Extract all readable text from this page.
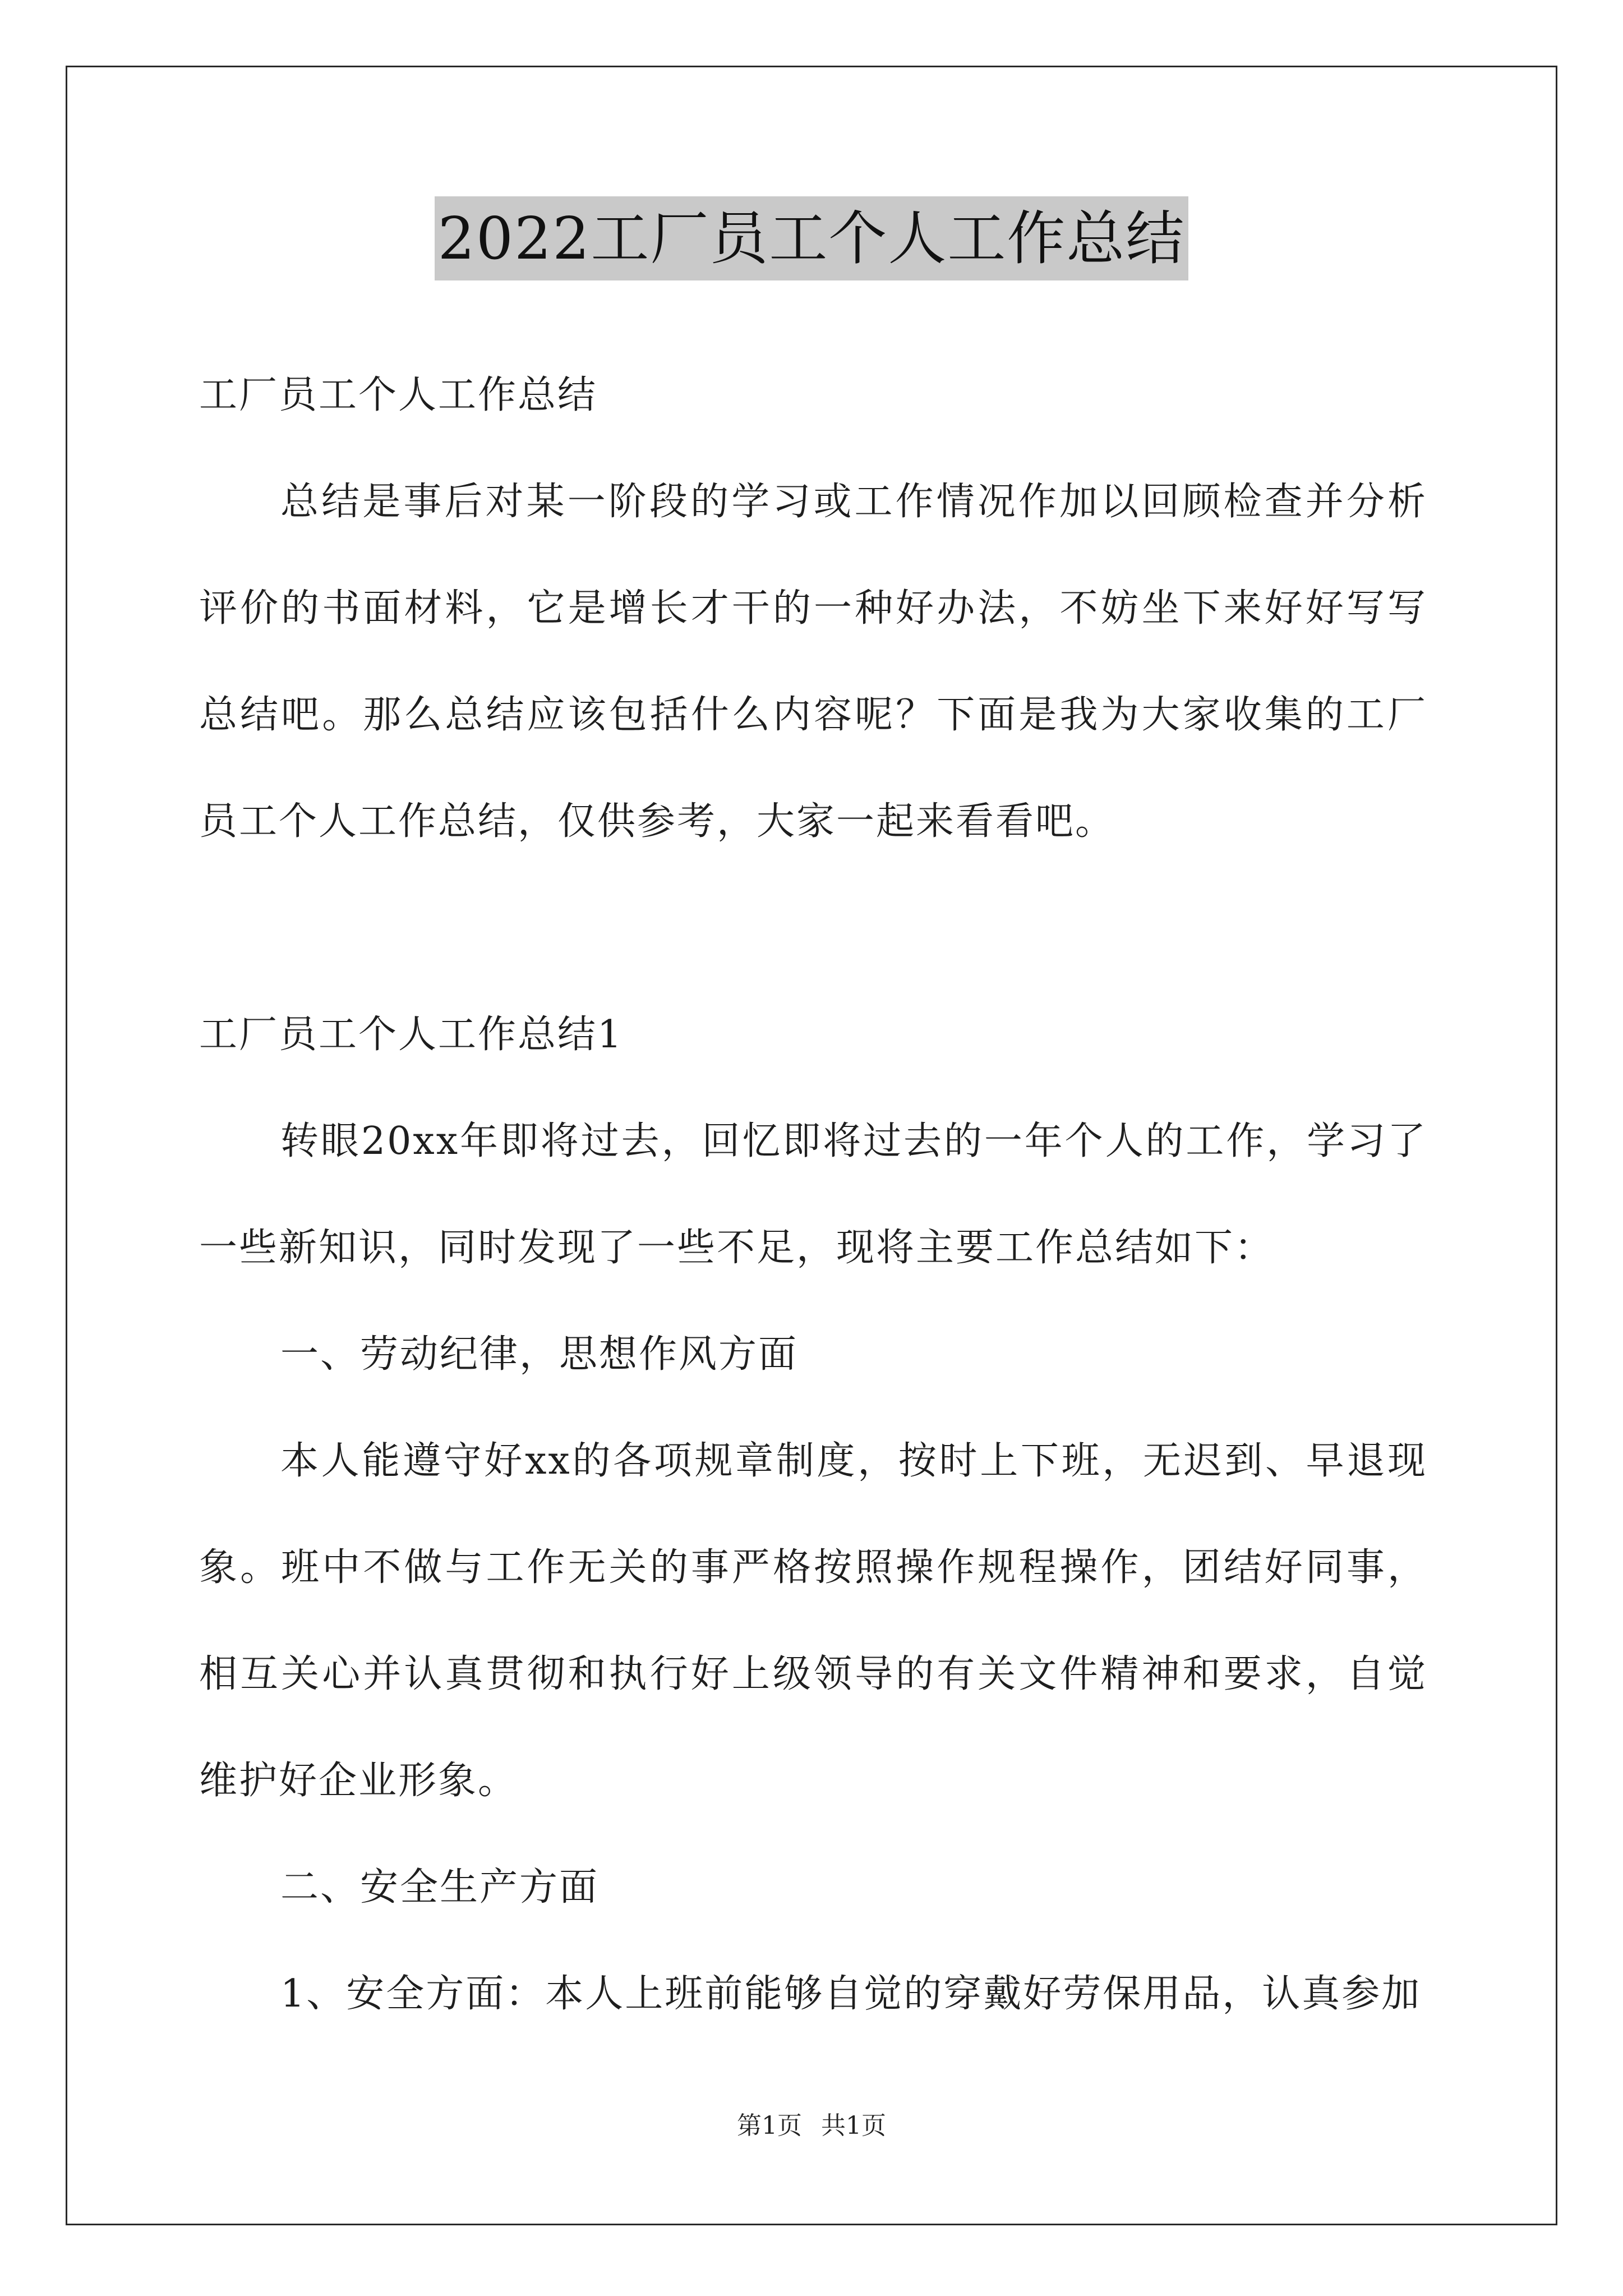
2022工厂员工个人工作总结

工厂员工个人工作总结

总结是事后对某一阶段的学习或工作情况作加以回顾检查并分析评价的书面材料，它是增长才干的一种好办法，不妨坐下来好好写写总结吧。那么总结应该包括什么内容呢？下面是我为大家收集的工厂员工个人工作总结，仅供参考，大家一起来看看吧。

工厂员工个人工作总结1

转眼20xx年即将过去，回忆即将过去的一年个人的工作，学习了一些新知识，同时发现了一些不足，现将主要工作总结如下：

一、劳动纪律，思想作风方面

本人能遵守好xx的各项规章制度，按时上下班，无迟到、早退现象。班中不做与工作无关的事严格按照操作规程操作，团结好同事，相互关心并认真贯彻和执行好上级领导的有关文件精神和要求，自觉维护好企业形象。

二、安全生产方面

1、安全方面：本人上班前能够自觉的穿戴好劳保用品，认真参加

第1页 共1页
